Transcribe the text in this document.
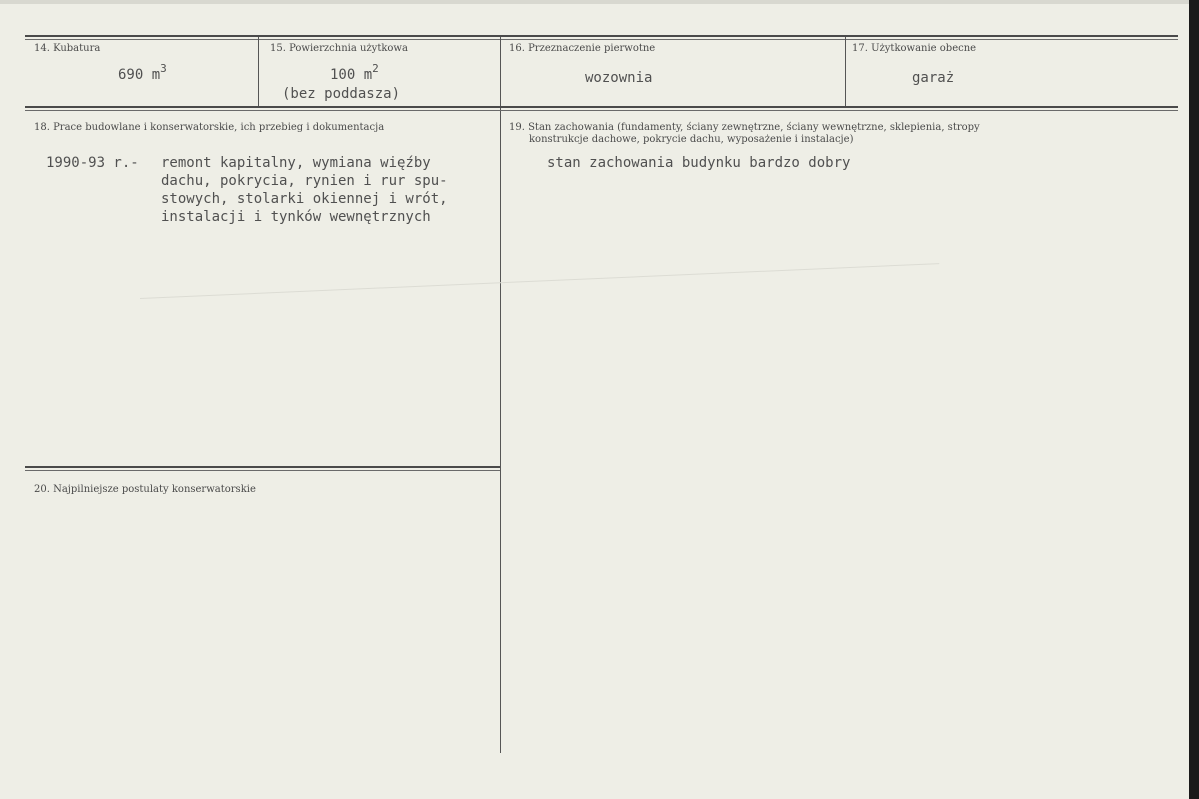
14. Kubatura
690 $m^3$
15. Powierzchnia użytkowa
100 $m^2$
(bez poddasza)
16. Przeznaczenie pierwotne
wozownia
17. Użytkowanie obecne
garaż
18. Prace budowlane i konserwatorskie, ich przebieg i dokumentacja
1990-93 r.- remont kapitalny, wymiana więźby
dachu, pokrycia, rynien i rur spu-
stowych, stolarki okiennej i wrót,
instalacji i tynków wewnętrznych
19. Stan zachowania (fundamenty, ściany zewnętrzne, ściany wewnętrzne, sklepienia, stropy
konstrukcje dachowe, pokrycie dachu, wyposażenie i instalacje)
stan zachowania budynku bardzo dobry
20. Najpilniejsze postulaty konserwatorskie
